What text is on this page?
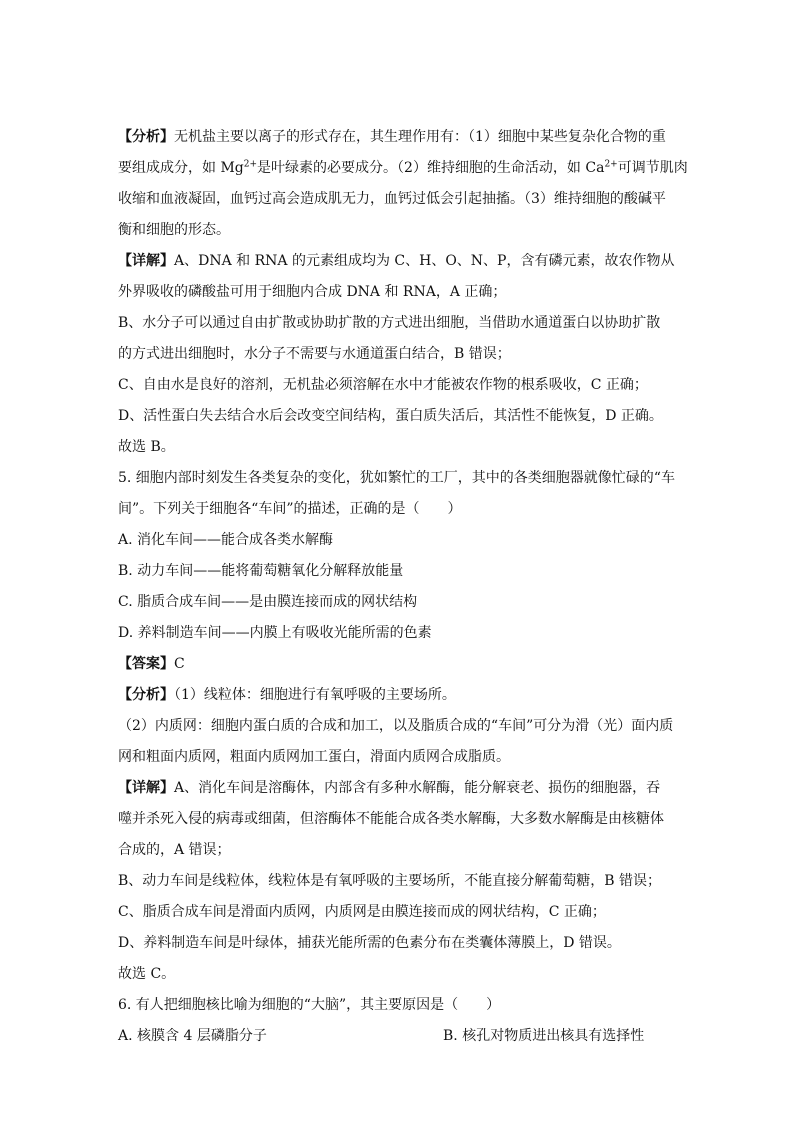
【分析】无机盐主要以离子的形式存在，其生理作用有：（1）细胞中某些复杂化合物的重
要组成成分，如 $Mg^{2+}$是叶绿素的必要成分。（2）维持细胞的生命活动，如 $Ca^{2+}$可调节肌肉
收缩和血液凝固，血钙过高会造成肌无力，血钙过低会引起抽搐。（3）维持细胞的酸碱平
衡和细胞的形态。
【详解】A、DNA 和 RNA 的元素组成均为 C、H、O、N、P，含有磷元素，故农作物从
外界吸收的磷酸盐可用于细胞内合成 DNA 和 RNA，A 正确；
B、水分子可以通过自由扩散或协助扩散的方式进出细胞，当借助水通道蛋白以协助扩散
的方式进出细胞时，水分子不需要与水通道蛋白结合，B 错误；
C、自由水是良好的溶剂，无机盐必须溶解在水中才能被农作物的根系吸收，C 正确；
D、活性蛋白失去结合水后会改变空间结构，蛋白质失活后，其活性不能恢复，D 正确。
故选 B。
5. 细胞内部时刻发生各类复杂的变化，犹如繁忙的工厂，其中的各类细胞器就像忙碌的“车
间”。下列关于细胞各“车间”的描述，正确的是（　　）
A. 消化车间——能合成各类水解酶
B. 动力车间——能将葡萄糖氧化分解释放能量
C. 脂质合成车间——是由膜连接而成的网状结构
D. 养料制造车间——内膜上有吸收光能所需的色素
【答案】C
【分析】（1）线粒体：细胞进行有氧呼吸的主要场所。
（2）内质网：细胞内蛋白质的合成和加工，以及脂质合成的“车间”可分为滑（光）面内质
网和粗面内质网，粗面内质网加工蛋白，滑面内质网合成脂质。
【详解】A、消化车间是溶酶体，内部含有多种水解酶，能分解衰老、损伤的细胞器，吞
噬并杀死入侵的病毒或细菌，但溶酶体不能能合成各类水解酶，大多数水解酶是由核糖体
合成的，A 错误；
B、动力车间是线粒体，线粒体是有氧呼吸的主要场所，不能直接分解葡萄糖，B 错误；
C、脂质合成车间是滑面内质网，内质网是由膜连接而成的网状结构，C 正确；
D、养料制造车间是叶绿体，捕获光能所需的色素分布在类囊体薄膜上，D 错误。
故选 C。
6. 有人把细胞核比喻为细胞的“大脑”，其主要原因是（　　）
A. 核膜含 4 层磷脂分子	B. 核孔对物质进出核具有选择性
